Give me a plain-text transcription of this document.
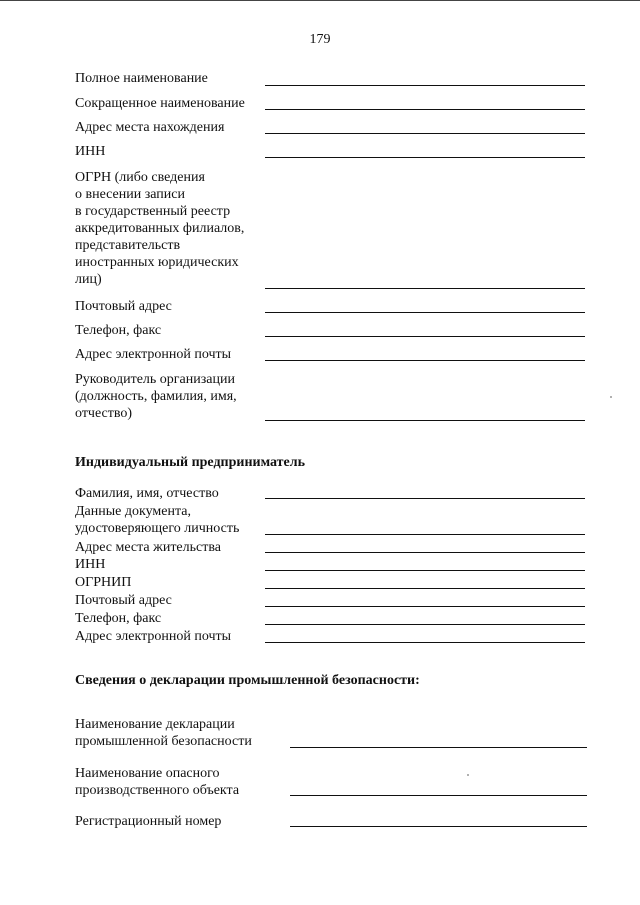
179
Полное наименование
Сокращенное наименование
Адрес места нахождения
ИНН
ОГРН (либо сведения
о внесении записи
в государственный реестр
аккредитованных филиалов,
представительств
иностранных юридических
лиц)
Почтовый адрес
Телефон, факс
Адрес электронной почты
Руководитель организации
(должность, фамилия, имя,
отчество)
Индивидуальный предприниматель
Фамилия, имя, отчество
Данные документа,
удостоверяющего личность
Адрес места жительства
ИНН
ОГРНИП
Почтовый адрес
Телефон, факс
Адрес электронной почты
Сведения о декларации промышленной безопасности:
Наименование декларации
промышленной безопасности
Наименование опасного
производственного объекта
Регистрационный номер
